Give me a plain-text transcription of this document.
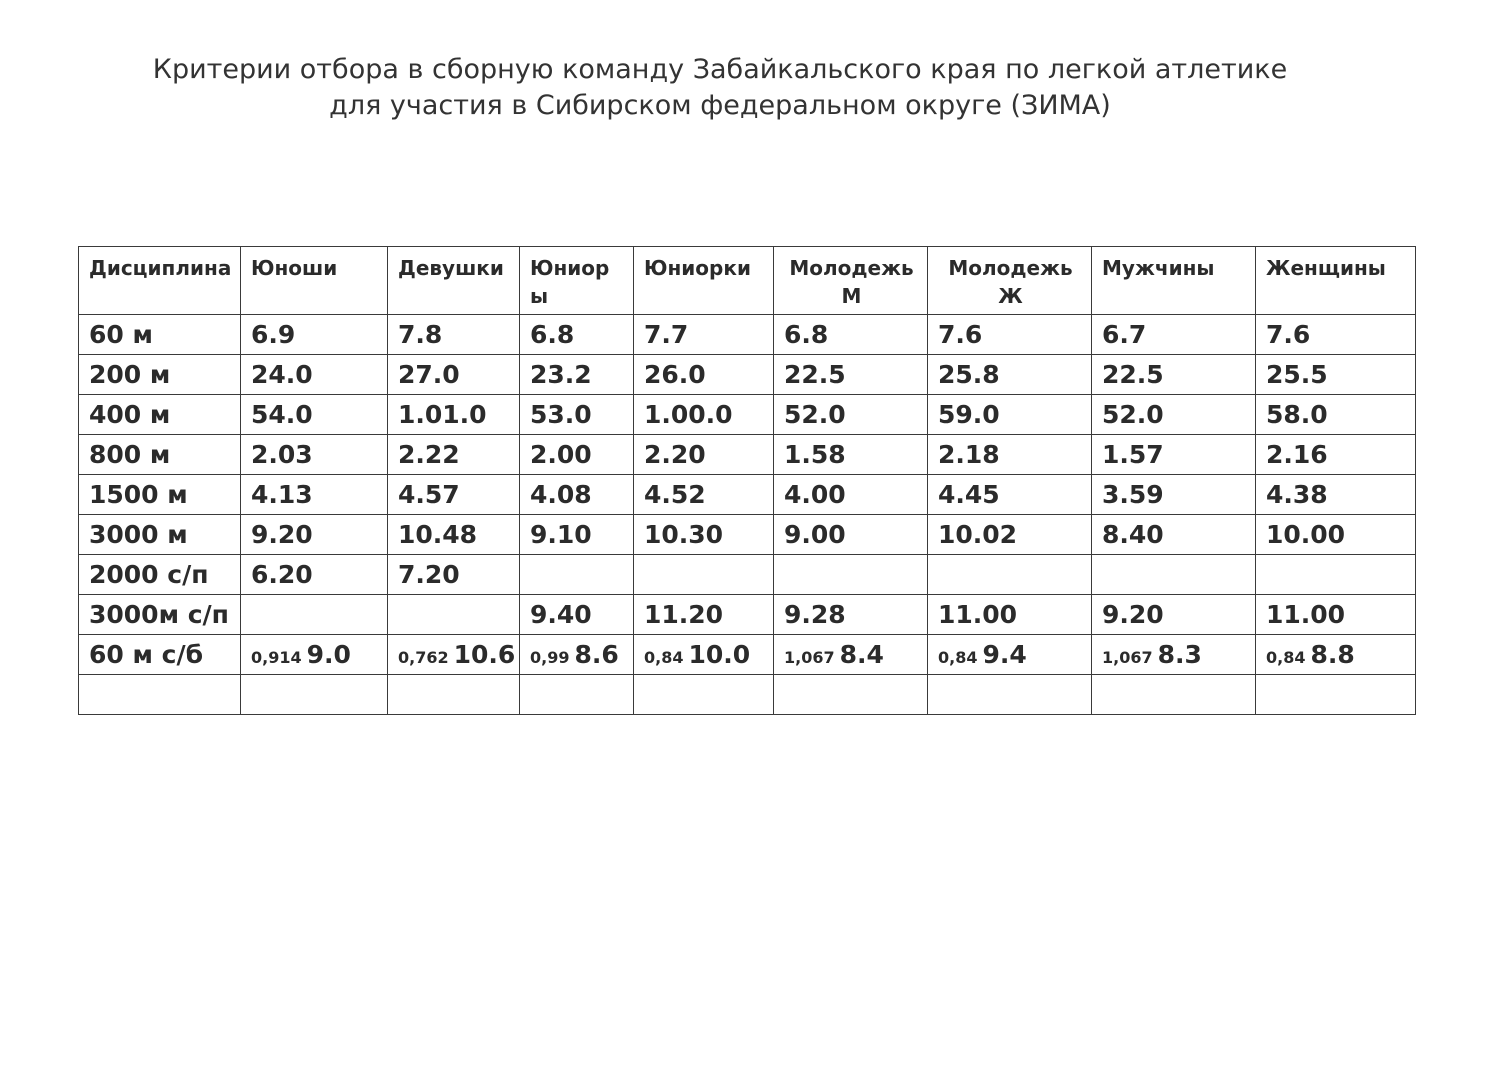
Критерии отбора в сборную команду Забайкальского края по легкой атлетике
для участия в Сибирском федеральном округе (ЗИМА)
Дисциплина	Юноши	Девушки	Юниор ы	Юниорки	Молодежь М	Молодежь Ж	Мужчины	Женщины
60 м	6.9	7.8	6.8	7.7	6.8	7.6	6.7	7.6
200 м	24.0	27.0	23.2	26.0	22.5	25.8	22.5	25.5
400 м	54.0	1.01.0	53.0	1.00.0	52.0	59.0	52.0	58.0
800 м	2.03	2.22	2.00	2.20	1.58	2.18	1.57	2.16
1500 м	4.13	4.57	4.08	4.52	4.00	4.45	3.59	4.38
3000 м	9.20	10.48	9.10	10.30	9.00	10.02	8.40	10.00
2000 с/п	6.20	7.20						
3000м с/п			9.40	11.20	9.28	11.00	9.20	11.00
60 м с/б	0,914 9.0	0,762 10.6	0,99 8.6	0,84 10.0	1,067 8.4	0,84 9.4	1,067 8.3	0,84 8.8
